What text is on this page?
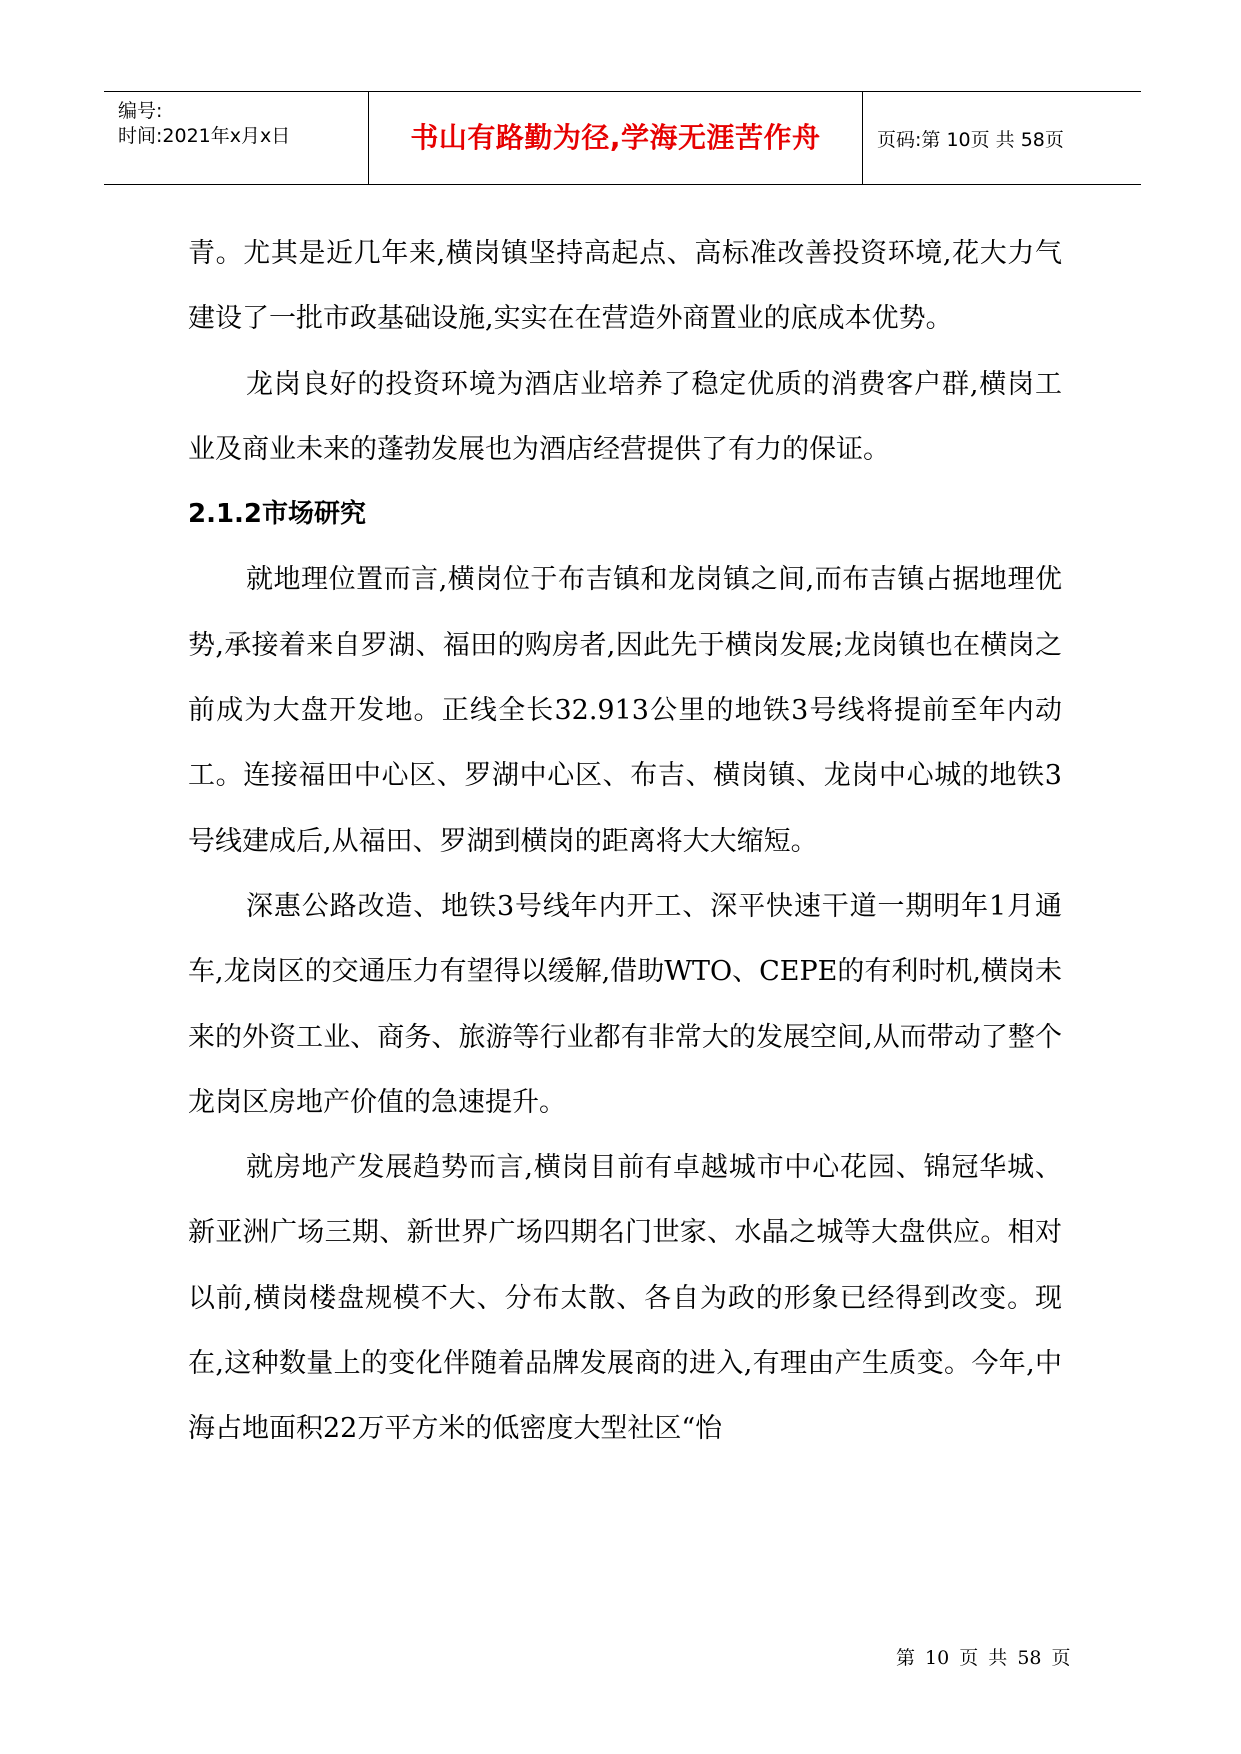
编号:
时间:2021年x月x日	书山有路勤为径,学海无涯苦作舟	页码:第 10页 共 58页

青。尤其是近几年来,横岗镇坚持高起点、高标准改善投资环境,花大力气建设了一批市政基础设施,实实在在营造外商置业的底成本优势。

龙岗良好的投资环境为酒店业培养了稳定优质的消费客户群,横岗工业及商业未来的蓬勃发展也为酒店经营提供了有力的保证。

2.1.2市场研究

就地理位置而言,横岗位于布吉镇和龙岗镇之间,而布吉镇占据地理优势,承接着来自罗湖、福田的购房者,因此先于横岗发展;龙岗镇也在横岗之前成为大盘开发地。正线全长32.913公里的地铁3号线将提前至年内动工。连接福田中心区、罗湖中心区、布吉、横岗镇、龙岗中心城的地铁3号线建成后,从福田、罗湖到横岗的距离将大大缩短。

深惠公路改造、地铁3号线年内开工、深平快速干道一期明年1月通车,龙岗区的交通压力有望得以缓解,借助WTO、CEPE的有利时机,横岗未来的外资工业、商务、旅游等行业都有非常大的发展空间,从而带动了整个龙岗区房地产价值的急速提升。

就房地产发展趋势而言,横岗目前有卓越城市中心花园、锦冠华城、新亚洲广场三期、新世界广场四期名门世家、水晶之城等大盘供应。相对以前,横岗楼盘规模不大、分布太散、各自为政的形象已经得到改变。现在,这种数量上的变化伴随着品牌发展商的进入,有理由产生质变。今年,中海占地面积22万平方米的低密度大型社区“怡

第 10 页 共 58 页
